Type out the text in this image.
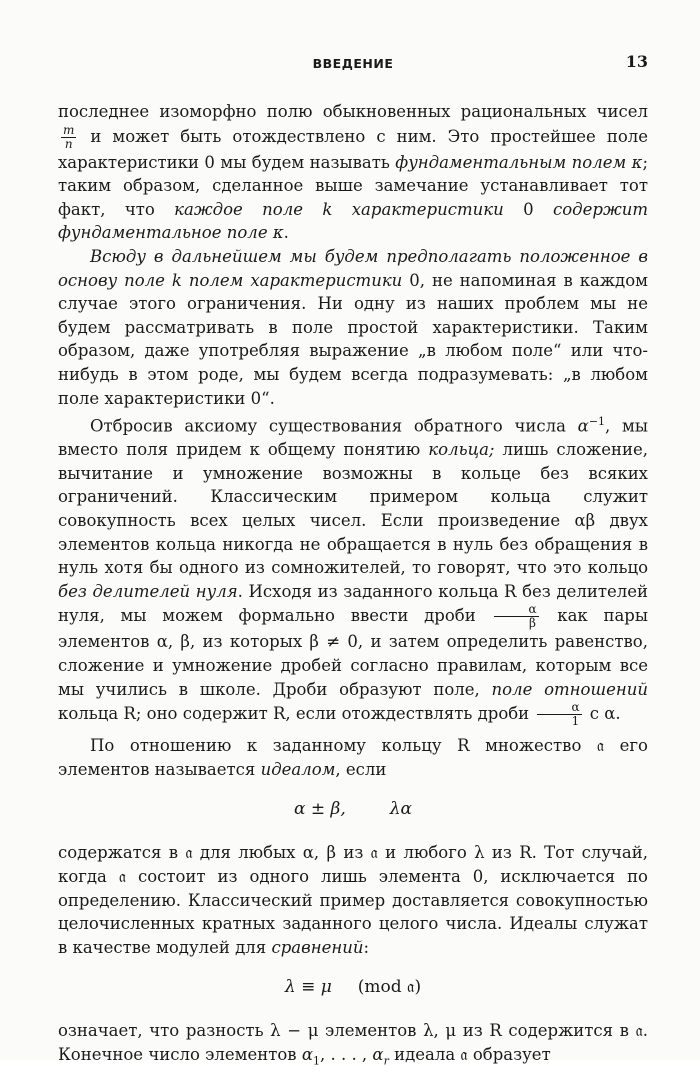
ВВЕДЕНИЕ	13

последнее изоморфно полю обыкновенных рациональных чисел
$\frac{m}{n}$ и может быть отождествлено с ним. Это простейшее поле характеристики 0 мы будем называть фундаментальным полем κ; таким образом, сделанное выше замечание устанавливает тот факт, что каждое поле k характеристики 0 содержит фундаментальное поле κ.

Всюду в дальнейшем мы будем предполагать положенное в основу поле k полем характеристики 0, не напоминая в каждом случае этого ограничения. Ни одну из наших проблем мы не будем рассматривать в поле простой характеристики. Таким образом, даже употребляя выражение „в любом поле“ или что-нибудь в этом роде, мы будем всегда подразумевать: „в любом поле характеристики 0“.

Отбросив аксиому существования обратного числа $\alpha^{-1}$, мы вместо поля придем к общему понятию кольца; лишь сложение, вычитание и умножение возможны в кольце без всяких ограничений. Классическим примером кольца служит совокупность всех целых чисел. Если произведение αβ двух элементов кольца никогда не обращается в нуль без обращения в нуль хотя бы одного из сомножителей, то говорят, что это кольцо без делителей нуля. Исходя из заданного кольца R без делителей нуля, мы можем формально ввести дроби $\frac{\alpha}{\beta}$ как пары элементов α, β, из которых β ≠ 0, и затем определить равенство, сложение и умножение дробей согласно правилам, которым все мы учились в школе. Дроби образуют поле, поле отношений кольца R; оно содержит R, если отождествлять дроби $\frac{\alpha}{1}$ с α.

По отношению к заданному кольцу R множество 𝔞 его элементов называется идеалом, если

α ± β,	λα

содержатся в 𝔞 для любых α, β из 𝔞 и любого λ из R. Тот случай, когда 𝔞 состоит из одного лишь элемента 0, исключается по определению. Классический пример доставляется совокупностью целочисленных кратных заданного целого числа. Идеалы служат в качестве модулей для сравнений:

λ ≡ μ (mod 𝔞)

означает, что разность λ − μ элементов λ, μ из R содержится в 𝔞. Конечное число элементов $\alpha_1$, . . . , $\alpha_r$ идеала 𝔞 образует
